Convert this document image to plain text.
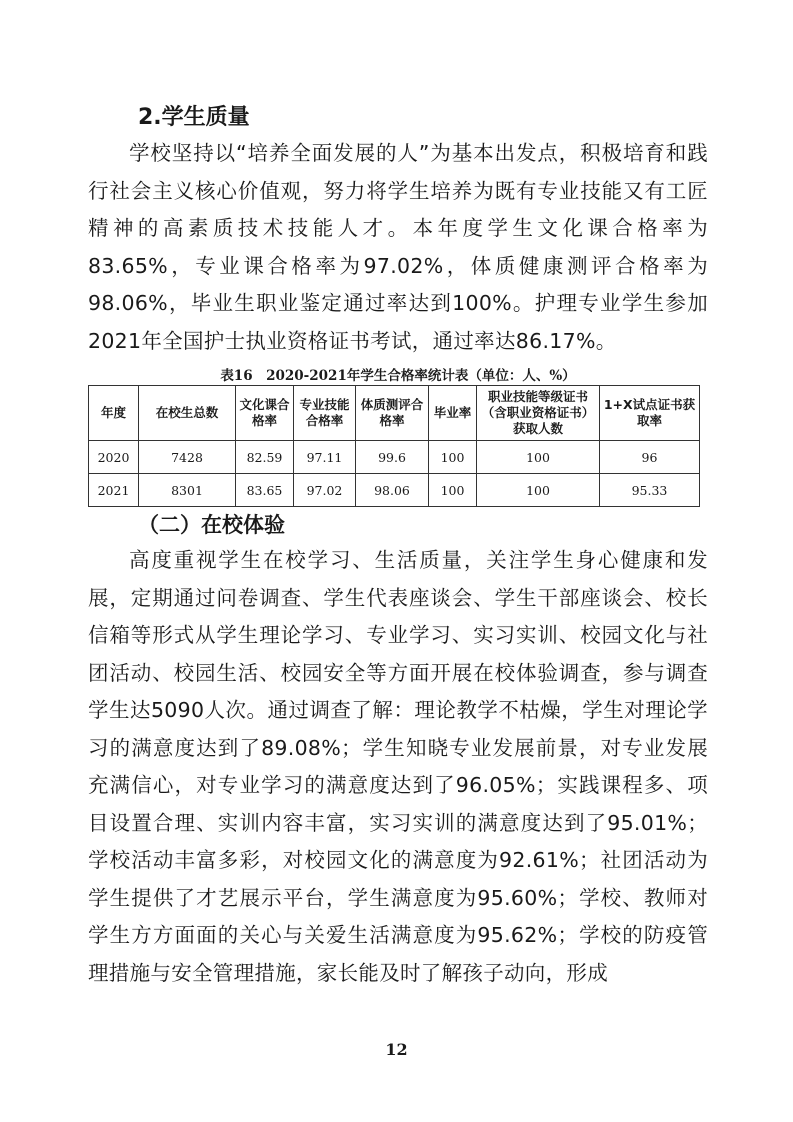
2.学生质量

学校坚持以“培养全面发展的人”为基本出发点，积极培育和践行社会主义核心价值观，努力将学生培养为既有专业技能又有工匠精神的高素质技术技能人才。本年度学生文化课合格率为83.65%，专业课合格率为97.02%，体质健康测评合格率为98.06%，毕业生职业鉴定通过率达到100%。护理专业学生参加2021年全国护士执业资格证书考试，通过率达86.17%。

表16　2020-2021年学生合格率统计表（单位：人、%）
年度	在校生总数	文化课合格率	专业技能合格率	体质测评合格率	毕业率	职业技能等级证书（含职业资格证书）获取人数	1+X试点证书获取率
2020	7428	82.59	97.11	99.6	100	100	96
2021	8301	83.65	97.02	98.06	100	100	95.33
（二）在校体验

高度重视学生在校学习、生活质量，关注学生身心健康和发展，定期通过问卷调查、学生代表座谈会、学生干部座谈会、校长信箱等形式从学生理论学习、专业学习、实习实训、校园文化与社团活动、校园生活、校园安全等方面开展在校体验调查，参与调查学生达5090人次。通过调查了解：理论教学不枯燥，学生对理论学习的满意度达到了89.08%；学生知晓专业发展前景，对专业发展充满信心，对专业学习的满意度达到了96.05%；实践课程多、项目设置合理、实训内容丰富，实习实训的满意度达到了95.01%；学校活动丰富多彩，对校园文化的满意度为92.61%；社团活动为学生提供了才艺展示平台，学生满意度为95.60%；学校、教师对学生方方面面的关心与关爱生活满意度为95.62%；学校的防疫管理措施与安全管理措施，家长能及时了解孩子动向，形成

12
